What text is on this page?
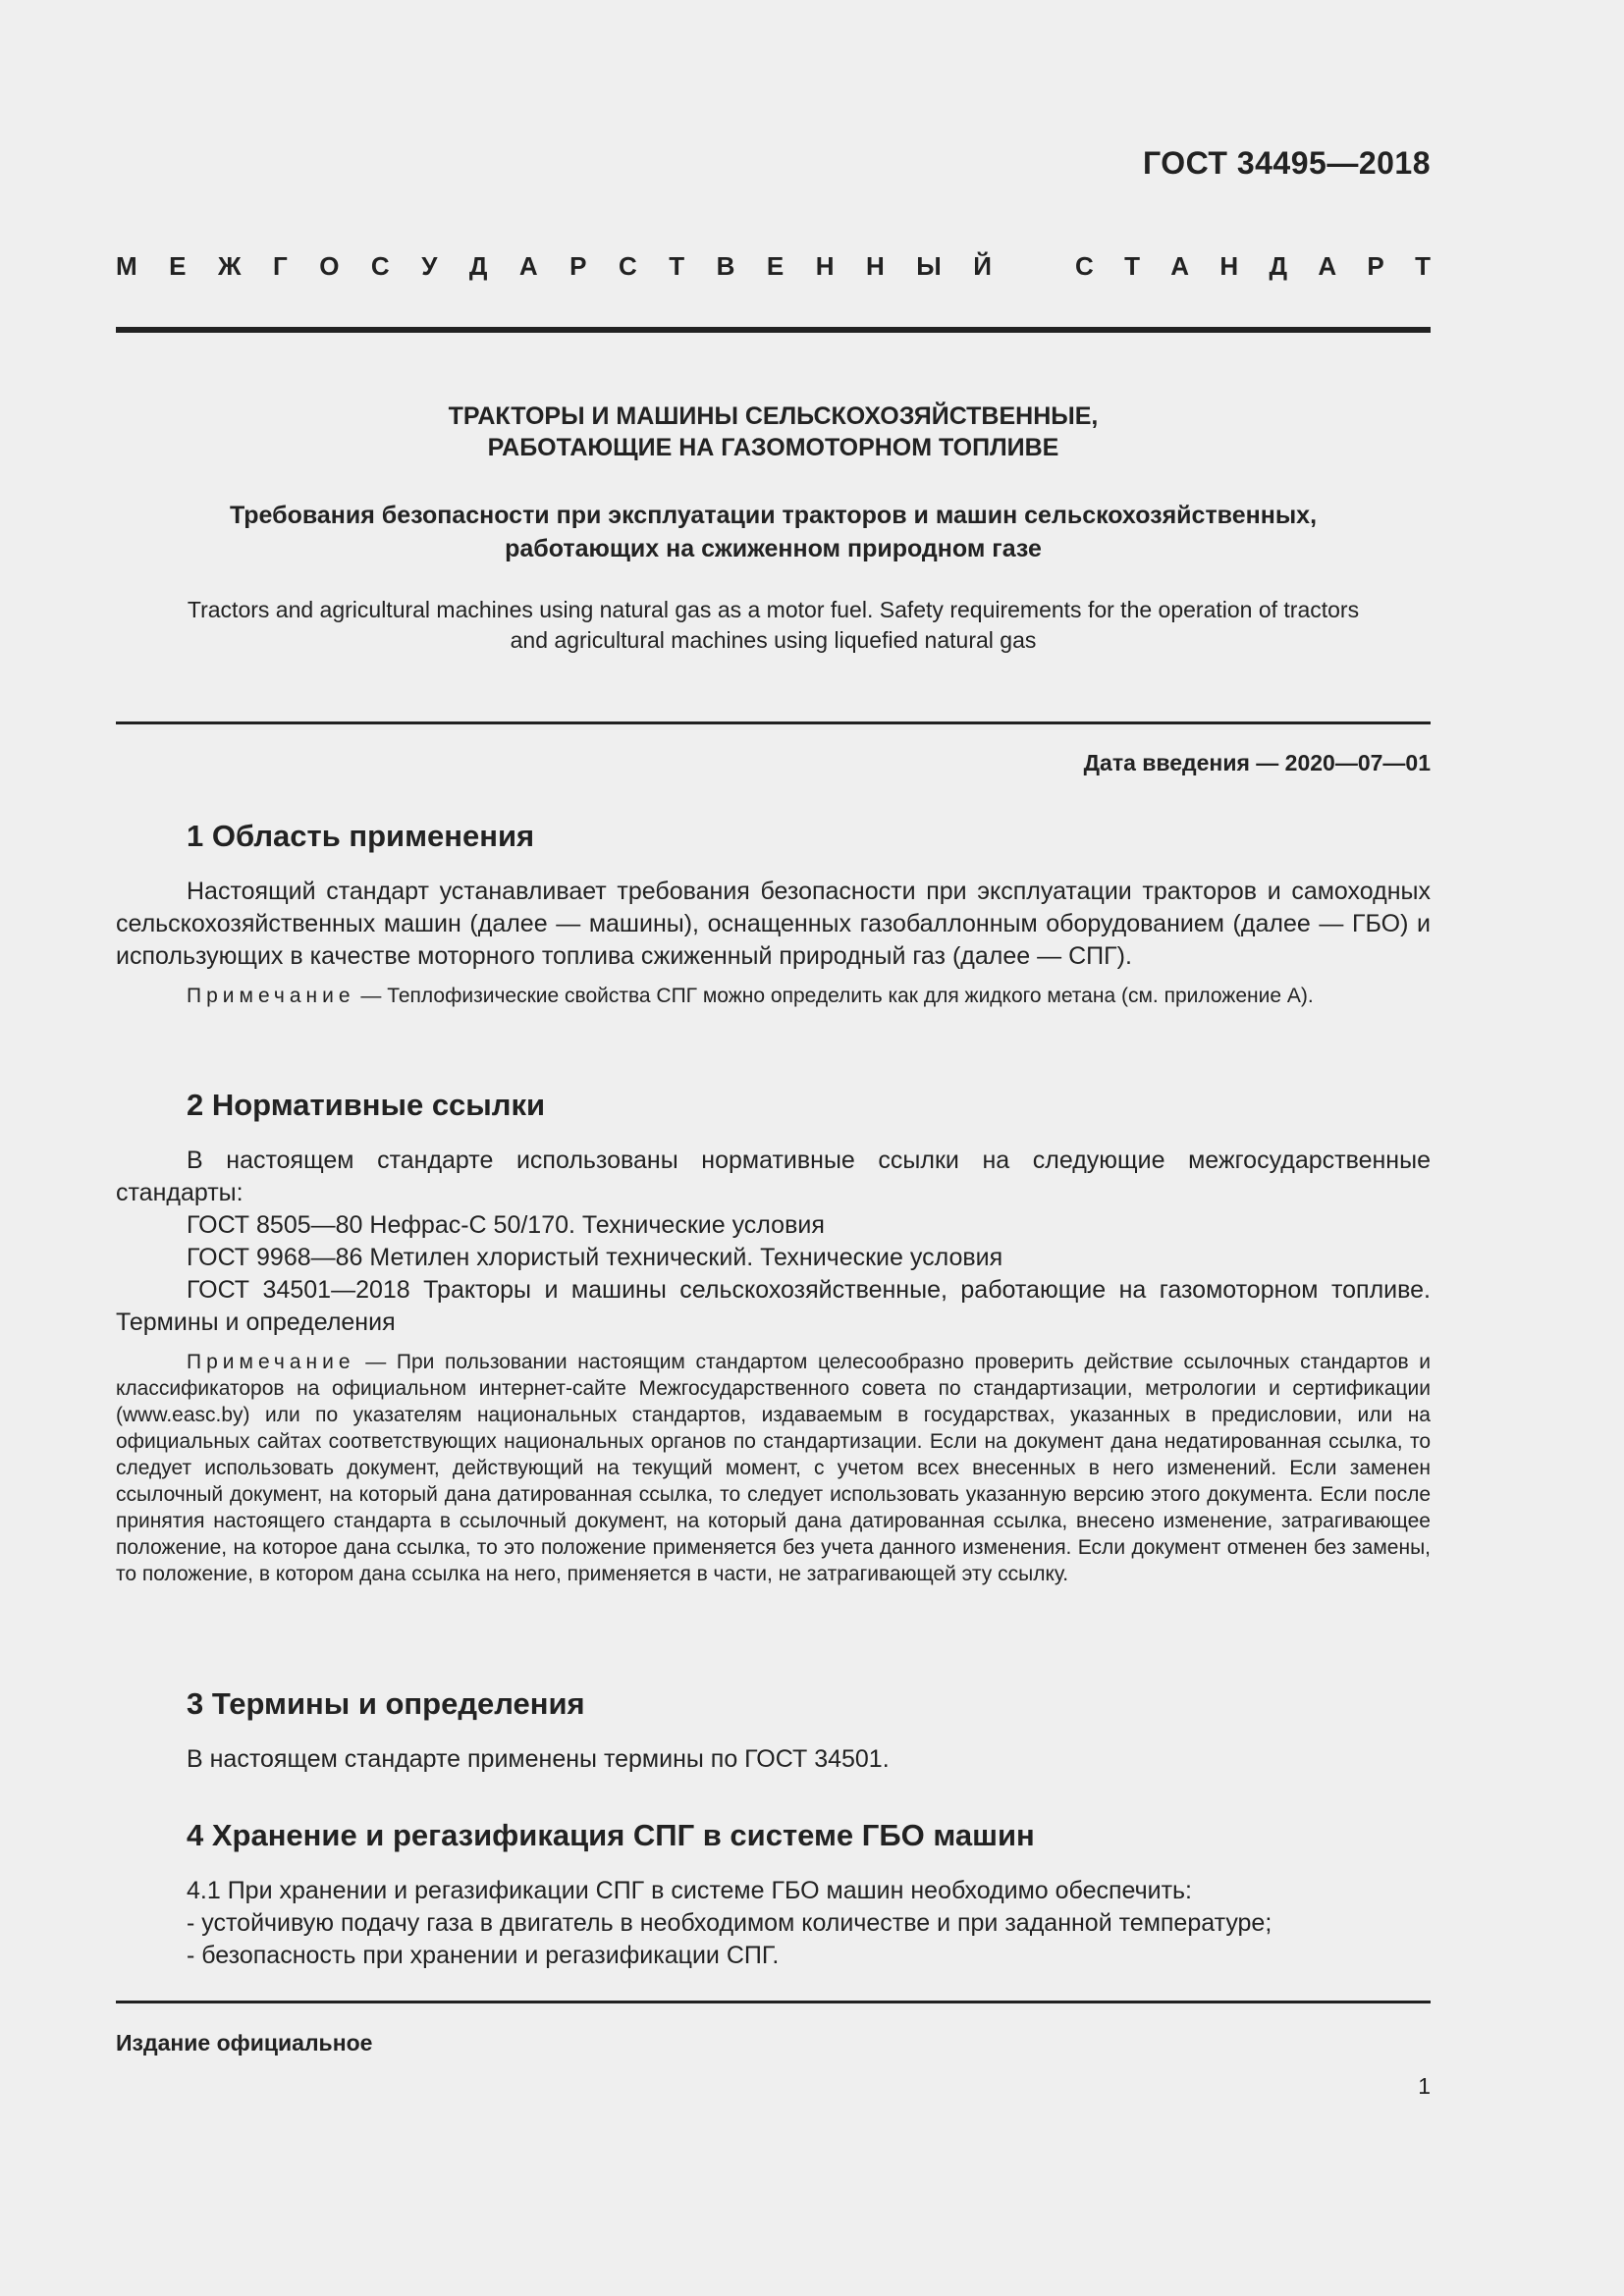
ГОСТ 34495—2018
М Е Ж Г О С У Д А Р С Т В Е Н Н Ы Й	С Т А Н Д А Р Т
ТРАКТОРЫ И МАШИНЫ СЕЛЬСКОХОЗЯЙСТВЕННЫЕ,
РАБОТАЮЩИЕ НА ГАЗОМОТОРНОМ ТОПЛИВЕ
Требования безопасности при эксплуатации тракторов и машин сельскохозяйственных,
работающих на сжиженном природном газе
Tractors and agricultural machines using natural gas as a motor fuel. Safety requirements for the operation of tractors
and agricultural machines using liquefied natural gas
Дата введения — 2020—07—01
1 Область применения

Настоящий стандарт устанавливает требования безопасности при эксплуатации тракторов и самоходных сельскохозяйственных машин (далее — машины), оснащенных газобаллонным оборудованием (далее — ГБО) и использующих в качестве моторного топлива сжиженный природный газ (далее — СПГ).

Примечание — Теплофизические свойства СПГ можно определить как для жидкого метана (см. приложение А).

2 Нормативные ссылки

В настоящем стандарте использованы нормативные ссылки на следующие межгосударственные стандарты:

ГОСТ 8505—80 Нефрас-С 50/170. Технические условия

ГОСТ 9968—86 Метилен хлористый технический. Технические условия

ГОСТ 34501—2018 Тракторы и машины сельскохозяйственные, работающие на газомоторном топливе. Термины и определения

Примечание — При пользовании настоящим стандартом целесообразно проверить действие ссылочных стандартов и классификаторов на официальном интернет-сайте Межгосударственного совета по стандартизации, метрологии и сертификации (www.easc.by) или по указателям национальных стандартов, издаваемым в государствах, указанных в предисловии, или на официальных сайтах соответствующих национальных органов по стандартизации. Если на документ дана недатированная ссылка, то следует использовать документ, действующий на текущий момент, с учетом всех внесенных в него изменений. Если заменен ссылочный документ, на который дана датированная ссылка, то следует использовать указанную версию этого документа. Если после принятия настоящего стандарта в ссылочный документ, на который дана датированная ссылка, внесено изменение, затрагивающее положение, на которое дана ссылка, то это положение применяется без учета данного изменения. Если документ отменен без замены, то положение, в котором дана ссылка на него, применяется в части, не затрагивающей эту ссылку.

3 Термины и определения

В настоящем стандарте применены термины по ГОСТ 34501.

4 Хранение и регазификация СПГ в системе ГБО машин

4.1 При хранении и регазификации СПГ в системе ГБО машин необходимо обеспечить:

- устойчивую подачу газа в двигатель в необходимом количестве и при заданной температуре;

- безопасность при хранении и регазификации СПГ.

Издание официальное
1
